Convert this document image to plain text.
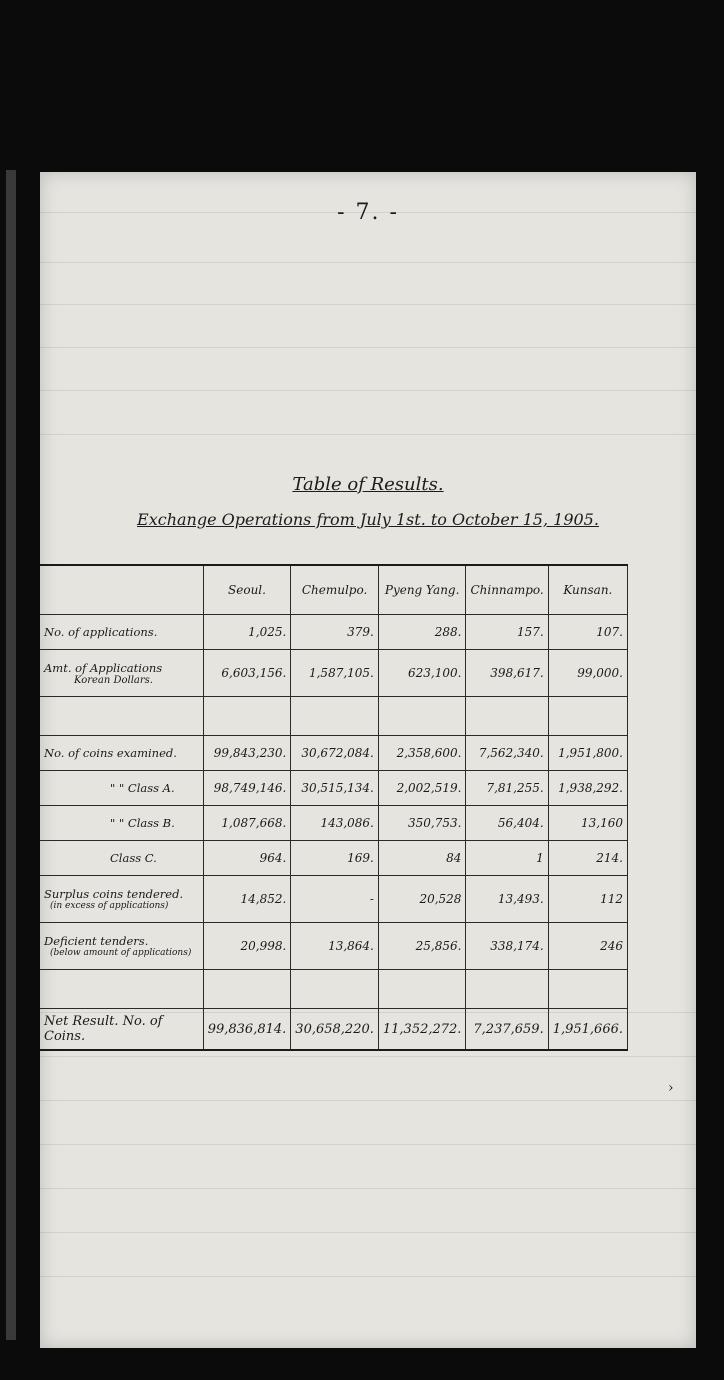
- 7. -
Table of Results.
Exchange Operations from July 1st. to October 15, 1905.
	Seoul.	Chemulpo.	Pyeng Yang.	Chinnampo.	Kunsan.
No. of applications.	1,025.	379.	288.	157.	107.
Amt. of Applications
Korean Dollars.	6,603,156.	1,587,105.	623,100.	398,617.	99,000.

No. of coins examined.	99,843,230.	30,672,084.	2,358,600.	7,562,340.	1,951,800.
" " Class A.	98,749,146.	30,515,134.	2,002,519.	7,81,255.	1,938,292.
" " Class B.	1,087,668.	143,086.	350,753.	56,404.	13,160
Class C.	964.	169.	84	1	214.
Surplus coins tendered.
(in excess of applications)	14,852.	-	20,528	13,493.	112
Deficient tenders.
(below amount of applications)	20,998.	13,864.	25,856.	338,174.	246

Net Result. No. of Coins.	99,836,814.	30,658,220.	11,352,272.	7,237,659.	1,951,666.
›
